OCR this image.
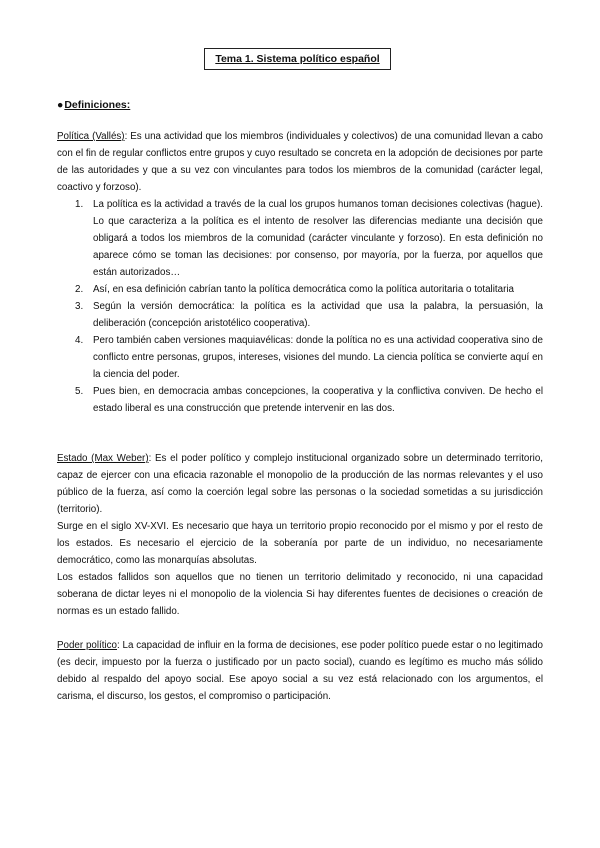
Tema 1. Sistema político español
●Definiciones:

Política (Vallés): Es una actividad que los miembros (individuales y colectivos) de una comunidad llevan a cabo con el fin de regular conflictos entre grupos y cuyo resultado se concreta en la adopción de decisiones por parte de las autoridades y que a su vez con vinculantes para todos los miembros de la comunidad (carácter legal, coactivo y forzoso).

1. La política es la actividad a través de la cual los grupos humanos toman decisiones colectivas (hague). Lo que caracteriza a la política es el intento de resolver las diferencias mediante una decisión que obligará a todos los miembros de la comunidad (carácter vinculante y forzoso). En esta definición no aparece cómo se toman las decisiones: por consenso, por mayoría, por la fuerza, por aquellos que están autorizados…
2. Así, en esa definición cabrían tanto la política democrática como la política autoritaria o totalitaria
3. Según la versión democrática: la política es la actividad que usa la palabra, la persuasión, la deliberación (concepción aristotélico cooperativa).
4. Pero también caben versiones maquiavélicas: donde la política no es una actividad cooperativa sino de conflicto entre personas, grupos, intereses, visiones del mundo. La ciencia política se convierte aquí en la ciencia del poder.
5. Pues bien, en democracia ambas concepciones, la cooperativa y la conflictiva conviven. De hecho el estado liberal es una construcción que pretende intervenir en las dos.

Estado (Max Weber): Es el poder político y complejo institucional organizado sobre un determinado territorio, capaz de ejercer con una eficacia razonable el monopolio de la producción de las normas relevantes y el uso público de la fuerza, así como la coerción legal sobre las personas o la sociedad sometidas a su jurisdicción (territorio).

Surge en el siglo XV-XVI. Es necesario que haya un territorio propio reconocido por el mismo y por el resto de los estados. Es necesario el ejercicio de la soberanía por parte de un individuo, no necesariamente democrático, como las monarquías absolutas.

Los estados fallidos son aquellos que no tienen un territorio delimitado y reconocido, ni una capacidad soberana de dictar leyes ni el monopolio de la violencia Si hay diferentes fuentes de decisiones o creación de normas es un estado fallido.

Poder político: La capacidad de influir en la forma de decisiones, ese poder político puede estar o no legitimado (es decir, impuesto por la fuerza o justificado por un pacto social), cuando es legítimo es mucho más sólido debido al respaldo del apoyo social. Ese apoyo social a su vez está relacionado con los argumentos, el carisma, el discurso, los gestos, el compromiso o participación.
